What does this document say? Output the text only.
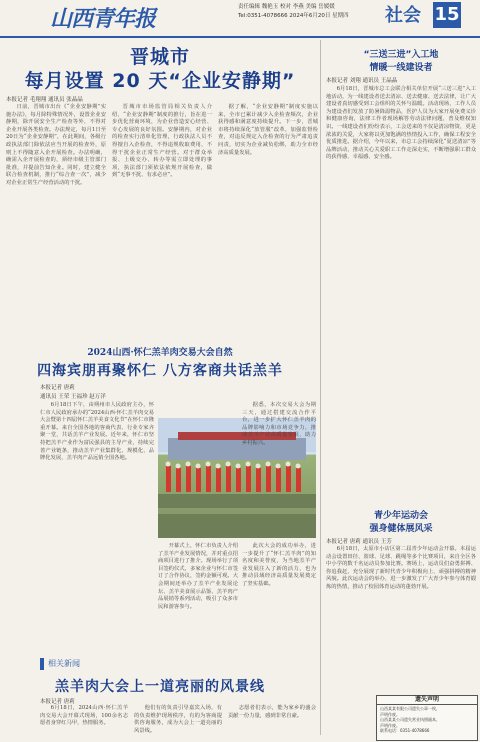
山西青年报	责任编辑 魏艳玉 校对 李燕 美编 岳媛媛
Tel:0351-4078666 2024年6月20日 星期四 社会 15
晋城市
每月设置 20 天“企业安静期”
本报记者 毛翔翔 通讯员 张晶晶

日前，晋城市出台《“企业安静期”实施办法》，每月除特殊情况外，设置企业安静期，除开展安全生产检查等外，不得对企业开展各类检查。办法规定，每月1日至20日为“企业安静期”，在此期间，各级行政执法部门除依法应当开展的检查外，原则上不得随意入企开展检查。办法明确，确需入企开展检查的，须经市级主管部门批准，并提前告知企业。同时，建立健全联合检查机制，推行“综合查一次”，减少对企业正常生产经营活动的干扰。

晋城市市场监管局相关负责人介绍，“企业安静期”制度的推行，旨在进一步优化营商环境，为企业营造安心经营、专心发展的良好氛围。安静期内，对企业的检查实行清单化管理，行政执法人员不得擅自入企检查，不得违规收取费用，不得干扰企业正常生产经营。对于群众举报、上级交办、转办等需立即处理的事项，执法部门须依法依规开展检查，做到“无事不扰、有求必应”。

据了解，“企业安静期”制度实施以来，全市已累计减少入企检查频次，企业获得感和满意度持续提升。下一步，晋城市将持续深化“放管服”改革，加强监督检查，对违反规定入企检查的行为严肃追责问责，切实为企业减负松绑，助力全市经济高质量发展。

2024山西·怀仁羔羊肉交易大会自然
四海宾朋再聚怀仁 八方客商共话羔羊
本报记者 唐莉
通讯员 王荣 王福珍 赵万洋

6月18日下午，由朔州市人民政府主办，怀仁市人民政府承办的“2024山西·怀仁羔羊肉交易大会暨第十四届怀仁羔羊美食文化节”在怀仁市隆重开幕。来自全国各地的客商代表、行业专家齐聚一堂，共话羔羊产业发展。近年来，怀仁市坚持把羔羊产业作为富民强县的主导产业，持续完善产业链条，推动羔羊产业集群化、规模化、品牌化发展，羔羊肉产品远销全国各地。

开幕式上，怀仁市负责人介绍了羔羊产业发展情况，并对重点招商项目进行了推介。现场举行了项目签约仪式，多家企业与怀仁市签订了合作协议，签约金额可观。大会期间还举办了羔羊产业发展论坛、羔羊美食展示品鉴、羔羊肉产品展销等系列活动，吸引了众多市民和游客参与。

据悉，本次交易大会为期三天，通过搭建交流合作平台，进一步扩大怀仁羔羊肉的品牌影响力和市场竞争力，推动羔羊产业高质量发展，助力乡村振兴。

此次大会的成功举办，进一步提升了“怀仁羔羊肉”的知名度和美誉度，为当地羔羊产业发展注入了新的活力，也为推动县域经济高质量发展奠定了坚实基础。

相关新闻
羔羊肉大会上一道亮丽的风景线
本报记者 唐莉

6月18日，2024山西·怀仁羔羊肉交易大会开幕式现场，100余名志愿者身穿红马甲，热情服务。

他们有的负责引导嘉宾入场，有的负责维护现场秩序，有的为客商提供咨询服务，成为大会上一道亮丽的风景线。

志愿者们表示，能为家乡的盛会贡献一份力量，感到非常自豪。

“三送三进”入工地
情暖一线建设者
本报记者 刘翔 通讯员 王晶晶

6月18日，晋城市总工会联合相关单位开展“三送三进”入工地活动，为一线建设者送去清凉、送去健康、送去法律，让广大建设者真切感受到工会组织的关怀与温暖。活动现场，工作人员为建设者们发放了防暑降温物品，医护人员为大家开展免费义诊和健康咨询，法律工作者现场解答劳动法律问题，普及维权知识。一线建设者们纷纷表示，工会送来的不仅是清凉物资，更是浓浓的关爱，大家将以更加饱满的热情投入工作，确保工程安全优质推进。据介绍，今年以来，市总工会持续深化“夏送清凉”等品牌活动，推动关心关爱职工工作走深走实，不断增强职工群众的获得感、幸福感、安全感。

青少年运动会
强身健体展风采
本报记者 唐莉 通讯员 王芳

6月18日，太原市小店区第二届青少年运动会开幕。本届运动会设置田径、篮球、足球、跳绳等多个比赛项目，来自全区各中小学的数千名运动员参加比赛。赛场上，运动员们奋勇拼搏、你追我赶，充分展现了新时代青少年积极向上、顽强拼搏的精神风貌。此次运动会的举办，进一步激发了广大青少年参与体育锻炼的热情，推动了校园体育运动的蓬勃开展。

遗失声明
山西某某有限公司遗失公章一枚，
声明作废。
山西某某公司遗失营业执照副本，
声明作废。
联系电话：0351-4078666
